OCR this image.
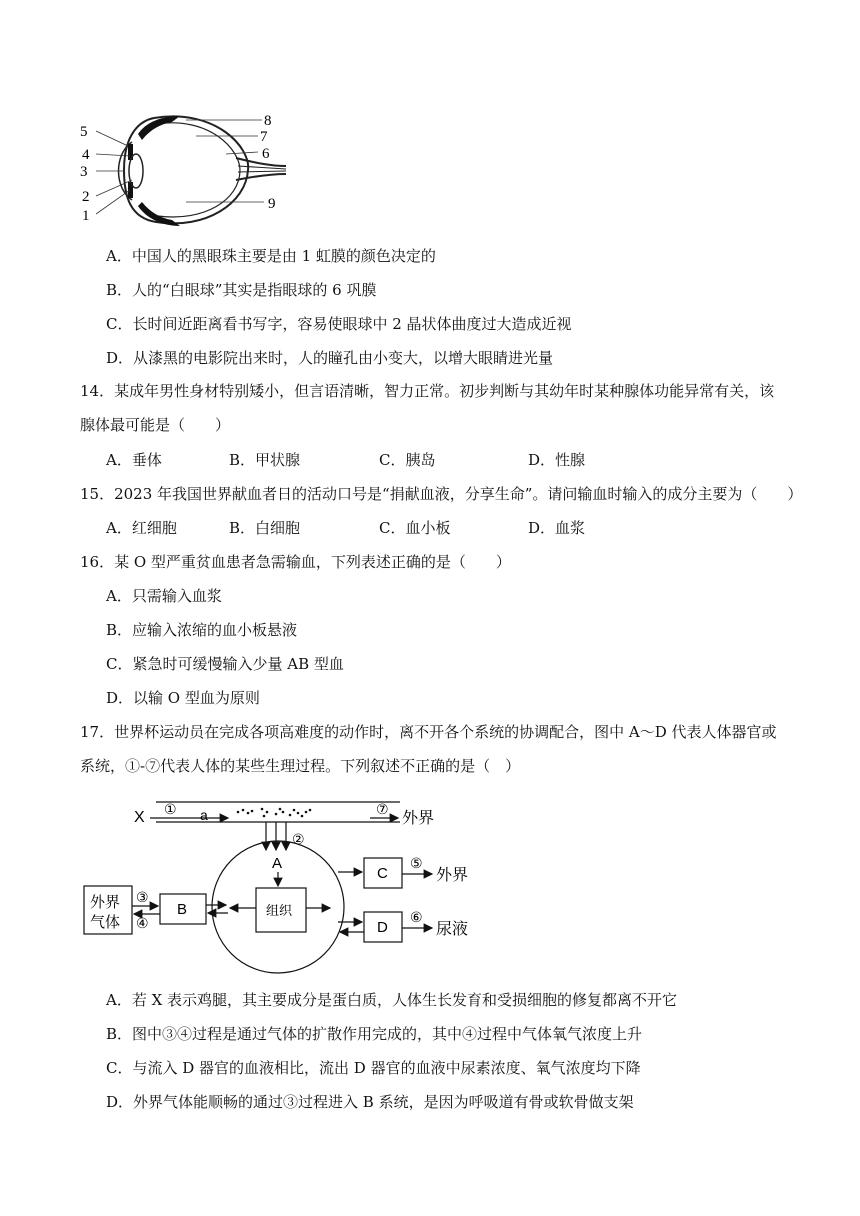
5
4
3
2
1
8
7
6
9
A．中国人的黑眼珠主要是由 1 虹膜的颜色决定的
B．人的“白眼球”其实是指眼球的 6 巩膜
C．长时间近距离看书写字，容易使眼球中 2 晶状体曲度过大造成近视
D．从漆黑的电影院出来时，人的瞳孔由小变大，以增大眼睛进光量
14．某成年男性身材特别矮小，但言语清晰，智力正常。初步判断与其幼年时某种腺体功能异常有关，该
腺体最可能是（　　）
A．垂体	B．甲状腺	C．胰岛	D．性腺
15．2023 年我国世界献血者日的活动口号是“捐献血液，分享生命”。请问输血时输入的成分主要为（　　）
A．红细胞	B．白细胞	C．血小板	D．血浆
16．某 O 型严重贫血患者急需输血，下列表述正确的是（　　）
A．只需输入血浆
B．应输入浓缩的血小板悬液
C．紧急时可缓慢输入少量 AB 型血
D．以输 O 型血为原则
17．世界杯运动员在完成各项高难度的动作时，离不开各个系统的协调配合，图中 A～D 代表人体器官或
系统，①-⑦代表人体的某些生理过程。下列叙述不正确的是（　）
X ① a	⑦
外界
②
A
组织
外界
气体
③
④
B
C
⑤
外界
D
⑥
尿液
A．若 X 表示鸡腿，其主要成分是蛋白质，人体生长发育和受损细胞的修复都离不开它
B．图中③④过程是通过气体的扩散作用完成的，其中④过程中气体氧气浓度上升
C．与流入 D 器官的血液相比，流出 D 器官的血液中尿素浓度、氧气浓度均下降
D．外界气体能顺畅的通过③过程进入 B 系统，是因为呼吸道有骨或软骨做支架
